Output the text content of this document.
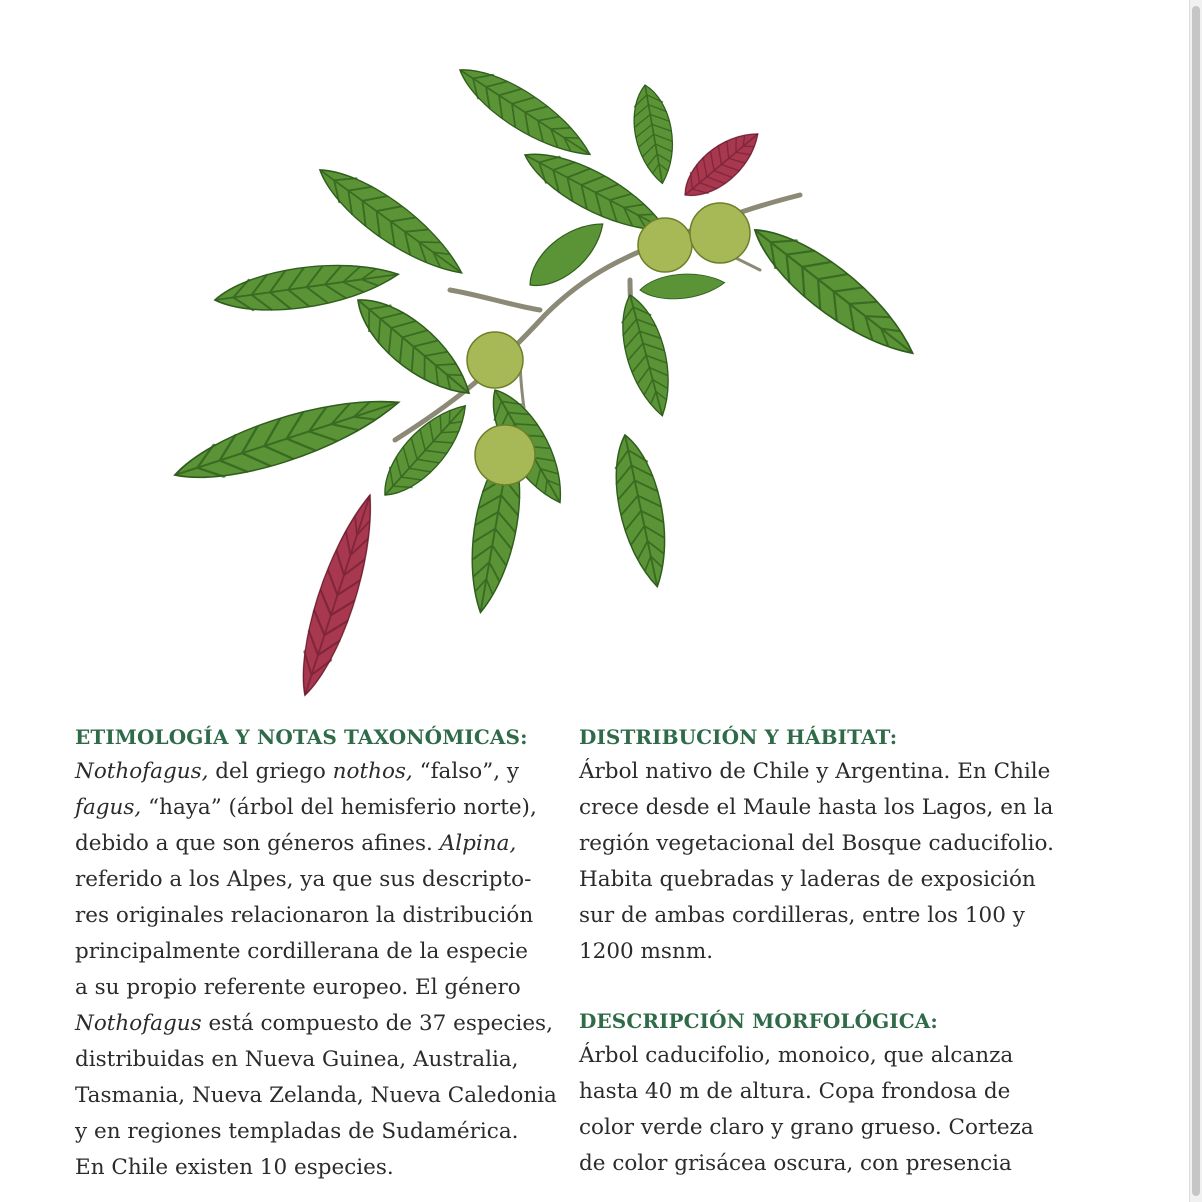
ETIMOLOGÍA Y NOTAS TAXONÓMICAS:
Nothofagus, del griego nothos, “falso”, y
fagus, “haya” (árbol del hemisferio norte),
debido a que son géneros afines. Alpina,
referido a los Alpes, ya que sus descripto-
res originales relacionaron la distribución
principalmente cordillerana de la especie
a su propio referente europeo. El género
Nothofagus está compuesto de 37 especies,
distribuidas en Nueva Guinea, Australia,
Tasmania, Nueva Zelanda, Nueva Caledonia
y en regiones templadas de Sudamérica.
En Chile existen 10 especies.
DISTRIBUCIÓN Y HÁBITAT:
Árbol nativo de Chile y Argentina. En Chile
crece desde el Maule hasta los Lagos, en la
región vegetacional del Bosque caducifolio.
Habita quebradas y laderas de exposición
sur de ambas cordilleras, entre los 100 y
1200 msnm.
DESCRIPCIÓN MORFOLÓGICA:
Árbol caducifolio, monoico, que alcanza
hasta 40 m de altura. Copa frondosa de
color verde claro y grano grueso. Corteza
de color grisácea oscura, con presencia
